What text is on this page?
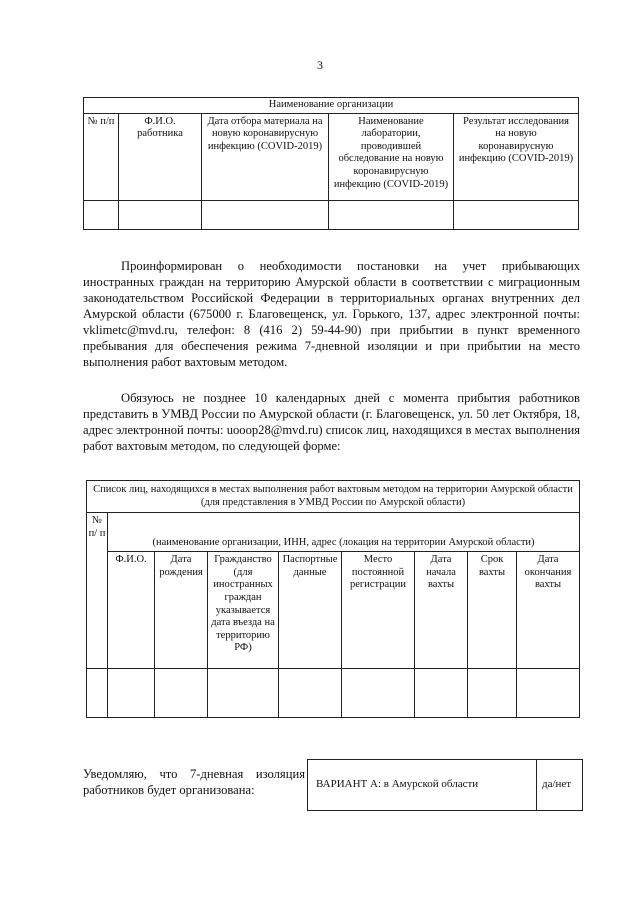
3
Наименование организации				
№ п/п	Ф.И.О. работника	Дата отбора материала на новую коронавирусную инфекцию (COVID-2019)	Наименование лаборатории, проводившей обследование на новую коронавирусную инфекцию (COVID-2019)	Результат исследования на новую коронавирусную инфекцию (COVID-2019)

Проинформирован о необходимости постановки на учет прибывающих иностранных граждан на территорию Амурской области в соответствии с миграционным законодательством Российской Федерации в территориальных органах внутренних дел Амурской области (675000 г. Благовещенск, ул. Горького, 137, адрес электронной почты: vklimetc@mvd.ru, телефон: 8 (416 2) 59-44-90) при прибытии в пункт временного пребывания для обеспечения режима 7-дневной изоляции и при прибытии на место выполнения работ вахтовым методом.

Обязуюсь не позднее 10 календарных дней с момента прибытия работников представить в УМВД России по Амурской области (г. Благовещенск, ул. 50 лет Октября, 18, адрес электронной почты: uooop28@mvd.ru) список лиц, находящихся в местах выполнения работ вахтовым методом, по следующей форме:

Список лиц, находящихся в местах выполнения работ вахтовым методом на территории Амурской области (для представления в УМВД России по Амурской области)								
№ п/ п	(наименование организации, ИНН, адрес (локация на территории Амурской области)							
	Ф.И.О.	Дата рождения	Гражданство (для иностранных граждан указывается дата въезда на территорию РФ)	Паспортные данные	Место постоянной регистрации	Дата начала вахты	Срок вахты	Дата окончания вахты

Уведомляю, что 7-дневная изоляция работников будет организована:	ВАРИАНТ А: в Амурской области	да/нет
